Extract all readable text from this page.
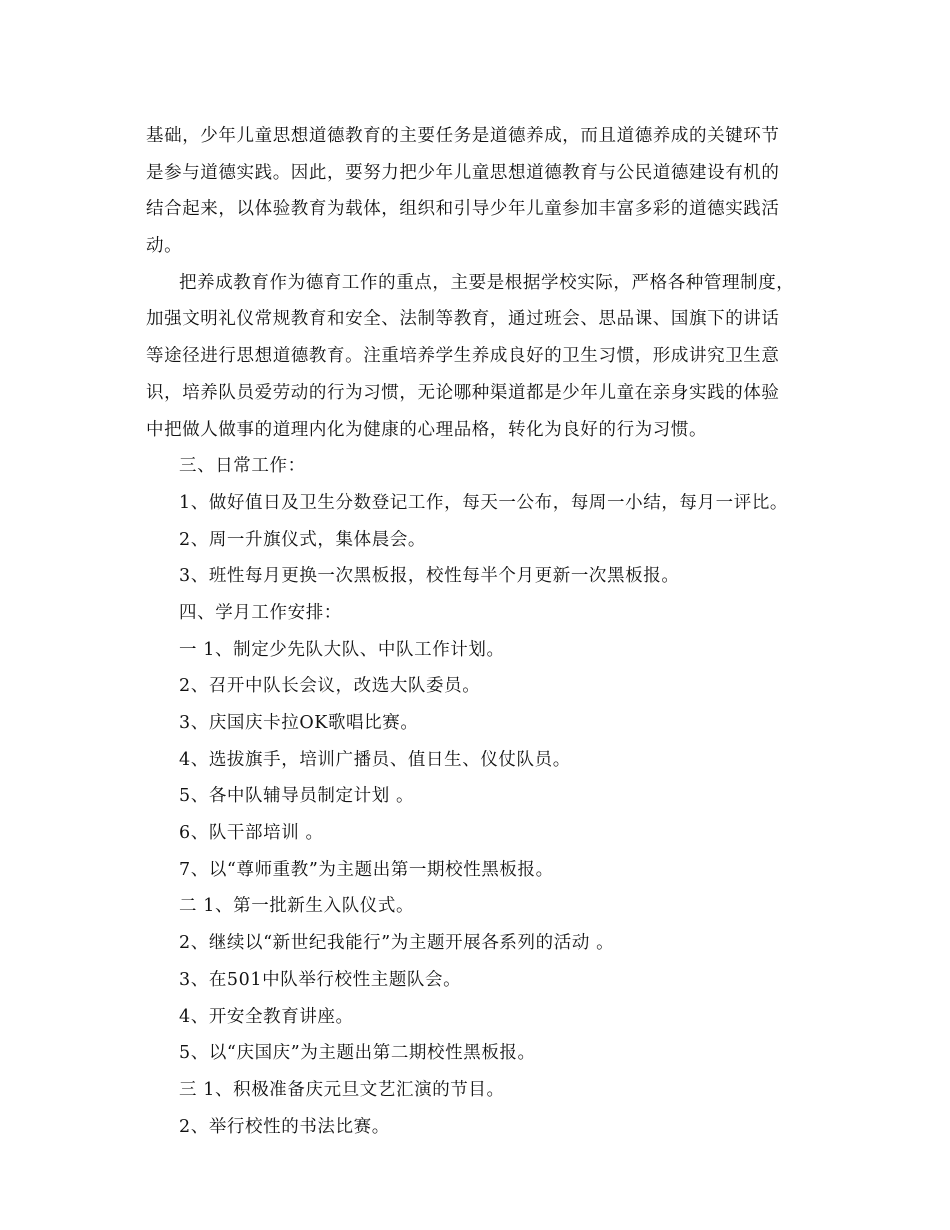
基础，少年儿童思想道德教育的主要任务是道德养成，而且道德养成的关键环节
是参与道德实践。因此，要努力把少年儿童思想道德教育与公民道德建设有机的
结合起来，以体验教育为载体，组织和引导少年儿童参加丰富多彩的道德实践活
动。
把养成教育作为德育工作的重点，主要是根据学校实际，严格各种管理制度，
加强文明礼仪常规教育和安全、法制等教育，通过班会、思品课、国旗下的讲话
等途径进行思想道德教育。注重培养学生养成良好的卫生习惯，形成讲究卫生意
识，培养队员爱劳动的行为习惯，无论哪种渠道都是少年儿童在亲身实践的体验
中把做人做事的道理内化为健康的心理品格，转化为良好的行为习惯。
三、日常工作：
1、做好值日及卫生分数登记工作，每天一公布，每周一小结，每月一评比。
2、周一升旗仪式，集体晨会。
3、班性每月更换一次黑板报，校性每半个月更新一次黑板报。
四、学月工作安排：
一 1、制定少先队大队、中队工作计划。
2、召开中队长会议，改选大队委员。
3、庆国庆卡拉OK歌唱比赛。
4、选拔旗手，培训广播员、值日生、仪仗队员。
5、各中队辅导员制定计划 。
6、队干部培训 。
7、以“尊师重教”为主题出第一期校性黑板报。
二 1、第一批新生入队仪式。
2、继续以“新世纪我能行”为主题开展各系列的活动 。
3、在501中队举行校性主题队会。
4、开安全教育讲座。
5、以“庆国庆”为主题出第二期校性黑板报。
三 1、积极准备庆元旦文艺汇演的节目。
2、举行校性的书法比赛。
